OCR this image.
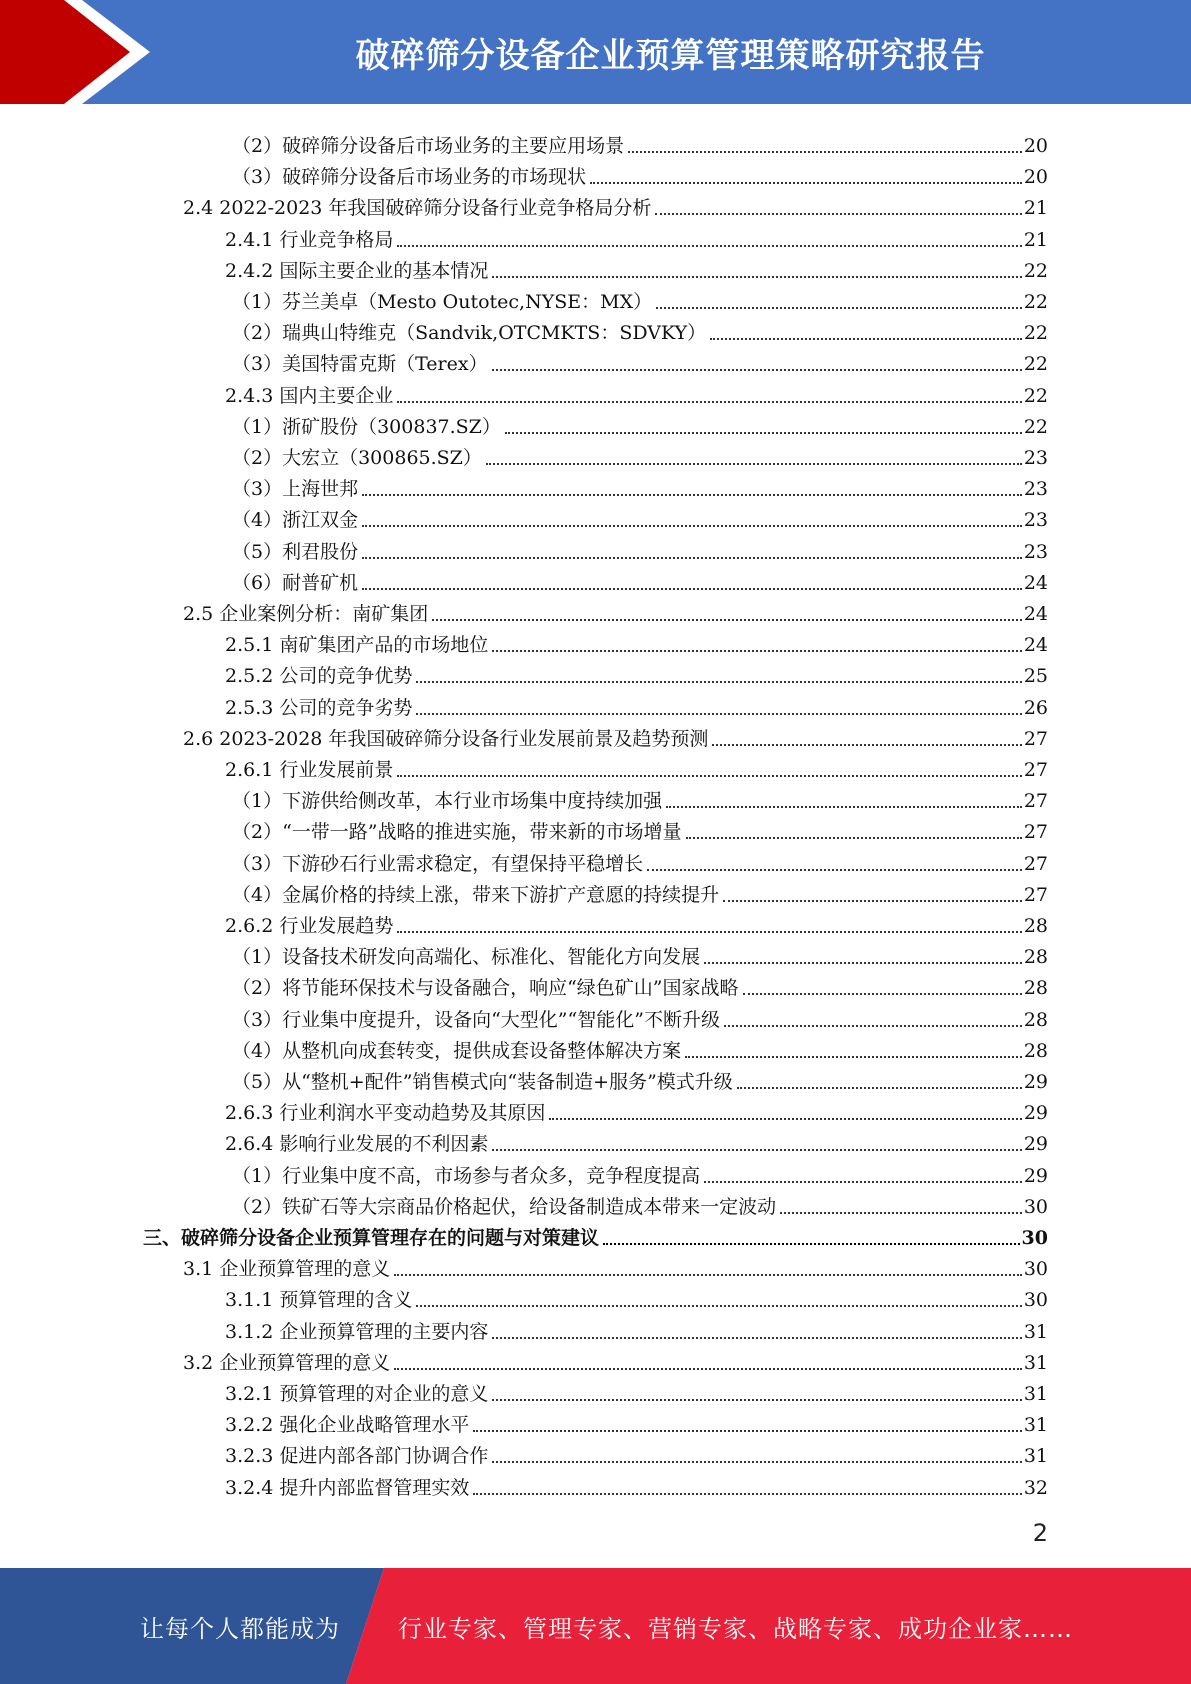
破碎筛分设备企业预算管理策略研究报告
（2）破碎筛分设备后市场业务的主要应用场景	20
（3）破碎筛分设备后市场业务的市场现状	20
2.4 2022-2023 年我国破碎筛分设备行业竞争格局分析	21
2.4.1 行业竞争格局	21
2.4.2 国际主要企业的基本情况	22
（1）芬兰美卓（Mesto Outotec,NYSE：MX）	22
（2）瑞典山特维克（Sandvik,OTCMKTS：SDVKY）	22
（3）美国特雷克斯（Terex）	22
2.4.3 国内主要企业	22
（1）浙矿股份（300837.SZ）	22
（2）大宏立（300865.SZ）	23
（3）上海世邦	23
（4）浙江双金	23
（5）利君股份	23
（6）耐普矿机	24
2.5 企业案例分析：南矿集团	24
2.5.1 南矿集团产品的市场地位	24
2.5.2 公司的竞争优势	25
2.5.3 公司的竞争劣势	26
2.6 2023-2028 年我国破碎筛分设备行业发展前景及趋势预测	27
2.6.1 行业发展前景	27
（1）下游供给侧改革，本行业市场集中度持续加强	27
（2）“一带一路”战略的推进实施，带来新的市场增量	27
（3）下游砂石行业需求稳定，有望保持平稳增长	27
（4）金属价格的持续上涨，带来下游扩产意愿的持续提升	27
2.6.2 行业发展趋势	28
（1）设备技术研发向高端化、标准化、智能化方向发展	28
（2）将节能环保技术与设备融合，响应“绿色矿山”国家战略	28
（3）行业集中度提升，设备向“大型化”“智能化”不断升级	28
（4）从整机向成套转变，提供成套设备整体解决方案	28
（5）从“整机+配件”销售模式向“装备制造+服务”模式升级	29
2.6.3 行业利润水平变动趋势及其原因	29
2.6.4 影响行业发展的不利因素	29
（1）行业集中度不高，市场参与者众多，竞争程度提高	29
（2）铁矿石等大宗商品价格起伏，给设备制造成本带来一定波动	30
三、破碎筛分设备企业预算管理存在的问题与对策建议	30
3.1 企业预算管理的意义	30
3.1.1 预算管理的含义	30
3.1.2 企业预算管理的主要内容	31
3.2 企业预算管理的意义	31
3.2.1 预算管理的对企业的意义	31
3.2.2 强化企业战略管理水平	31
3.2.3 促进内部各部门协调合作	31
3.2.4 提升内部监督管理实效	32
2
让每个人都能成为 行业专家、管理专家、营销专家、战略专家、成功企业家……
